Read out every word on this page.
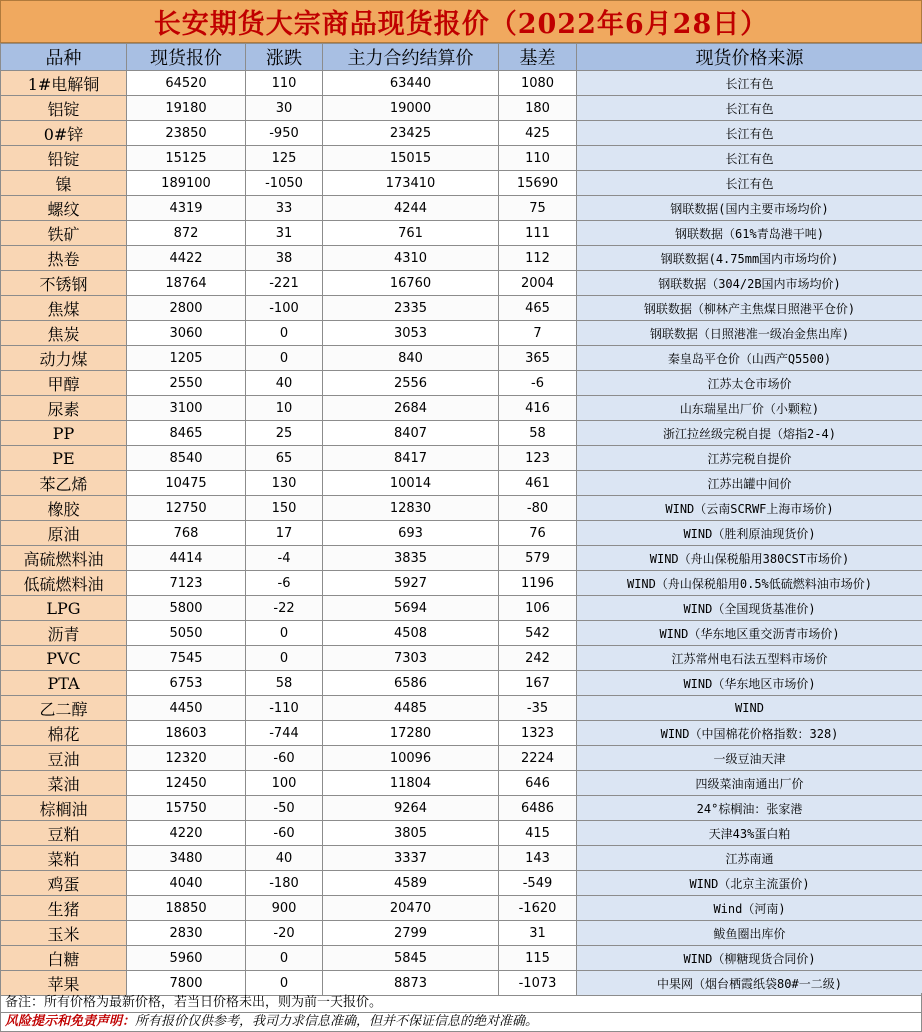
长安期货大宗商品现货报价（2022年6月28日）
品种	现货报价	涨跌	主力合约结算价	基差	现货价格来源
1#电解铜	64520	110	63440	1080	长江有色
铝锭	19180	30	19000	180	长江有色
0#锌	23850	-950	23425	425	长江有色
铅锭	15125	125	15015	110	长江有色
镍	189100	-1050	173410	15690	长江有色
螺纹	4319	33	4244	75	钢联数据(国内主要市场均价)
铁矿	872	31	761	111	钢联数据（61%青岛港干吨)
热卷	4422	38	4310	112	钢联数据(4.75mm国内市场均价)
不锈钢	18764	-221	16760	2004	钢联数据（304/2B国内市场均价)
焦煤	2800	-100	2335	465	钢联数据（柳林产主焦煤日照港平仓价)
焦炭	3060	0	3053	7	钢联数据（日照港准一级冶金焦出库)
动力煤	1205	0	840	365	秦皇岛平仓价（山西产Q5500)
甲醇	2550	40	2556	-6	江苏太仓市场价
尿素	3100	10	2684	416	山东瑞星出厂价（小颗粒)
PP	8465	25	8407	58	浙江拉丝级完税自提（熔指2-4)
PE	8540	65	8417	123	江苏完税自提价
苯乙烯	10475	130	10014	461	江苏出罐中间价
橡胶	12750	150	12830	-80	WIND（云南SCRWF上海市场价)
原油	768	17	693	76	WIND（胜利原油现货价)
高硫燃料油	4414	-4	3835	579	WIND（舟山保税船用380CST市场价)
低硫燃料油	7123	-6	5927	1196	WIND（舟山保税船用0.5%低硫燃料油市场价)
LPG	5800	-22	5694	106	WIND（全国现货基准价)
沥青	5050	0	4508	542	WIND（华东地区重交沥青市场价)
PVC	7545	0	7303	242	江苏常州电石法五型料市场价
PTA	6753	58	6586	167	WIND（华东地区市场价)
乙二醇	4450	-110	4485	-35	WIND
棉花	18603	-744	17280	1323	WIND（中国棉花价格指数：328)
豆油	12320	-60	10096	2224	一级豆油天津
菜油	12450	100	11804	646	四级菜油南通出厂价
棕榈油	15750	-50	9264	6486	24°棕榈油：张家港
豆粕	4220	-60	3805	415	天津43%蛋白粕
菜粕	3480	40	3337	143	江苏南通
鸡蛋	4040	-180	4589	-549	WIND（北京主流蛋价)
生猪	18850	900	20470	-1620	Wind（河南)
玉米	2830	-20	2799	31	鲅鱼圈出库价
白糖	5960	0	5845	115	WIND（柳糖现货合同价)
苹果	7800	0	8873	-1073	中果网（烟台栖霞纸袋80#一二级)
备注：所有价格为最新价格，若当日价格未出，则为前一天报价。
风险提示和免责声明：所有报价仅供参考，我司力求信息准确，但并不保证信息的绝对准确。
